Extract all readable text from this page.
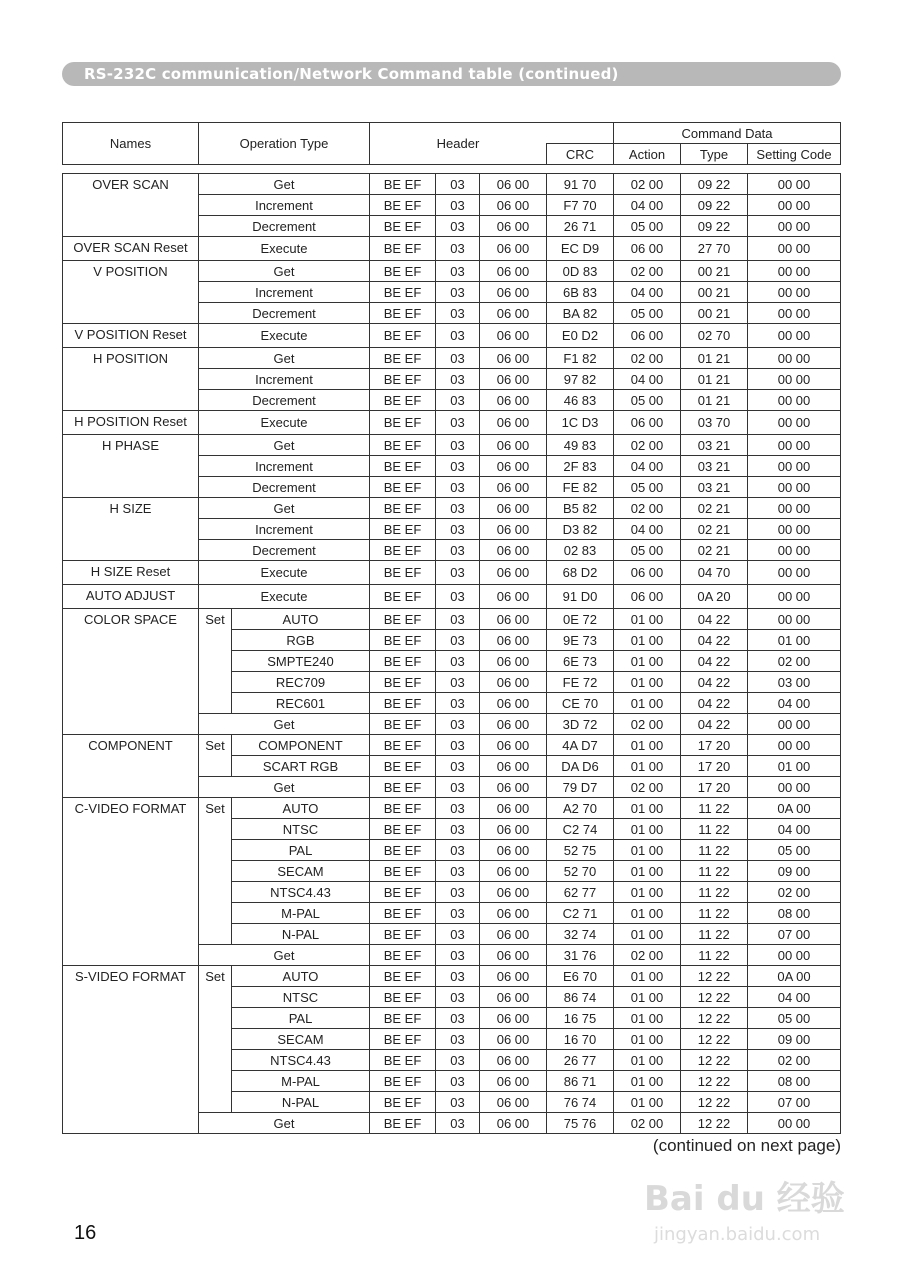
RS-232C communication/Network Command table (continued)
Names	Operation Type	Header		Command Data		
			CRC	Action	Type	Setting Code
OVER SCAN	Get		BE EF	03	06 00	91 70	02 00	09 22	00 00
	Increment		BE EF	03	06 00	F7 70	04 00	09 22	00 00
	Decrement		BE EF	03	06 00	26 71	05 00	09 22	00 00
OVER SCAN Reset	Execute		BE EF	03	06 00	EC D9	06 00	27 70	00 00
V POSITION	Get		BE EF	03	06 00	0D 83	02 00	00 21	00 00
	Increment		BE EF	03	06 00	6B 83	04 00	00 21	00 00
	Decrement		BE EF	03	06 00	BA 82	05 00	00 21	00 00
V POSITION Reset	Execute		BE EF	03	06 00	E0 D2	06 00	02 70	00 00
H POSITION	Get		BE EF	03	06 00	F1 82	02 00	01 21	00 00
	Increment		BE EF	03	06 00	97 82	04 00	01 21	00 00
	Decrement		BE EF	03	06 00	46 83	05 00	01 21	00 00
H POSITION Reset	Execute		BE EF	03	06 00	1C D3	06 00	03 70	00 00
H PHASE	Get		BE EF	03	06 00	49 83	02 00	03 21	00 00
	Increment		BE EF	03	06 00	2F 83	04 00	03 21	00 00
	Decrement		BE EF	03	06 00	FE 82	05 00	03 21	00 00
H SIZE	Get		BE EF	03	06 00	B5 82	02 00	02 21	00 00
	Increment		BE EF	03	06 00	D3 82	04 00	02 21	00 00
	Decrement		BE EF	03	06 00	02 83	05 00	02 21	00 00
H SIZE Reset	Execute		BE EF	03	06 00	68 D2	06 00	04 70	00 00
AUTO ADJUST	Execute		BE EF	03	06 00	91 D0	06 00	0A 20	00 00
COLOR SPACE	Set	AUTO	BE EF	03	06 00	0E 72	01 00	04 22	00 00
		RGB	BE EF	03	06 00	9E 73	01 00	04 22	01 00
		SMPTE240	BE EF	03	06 00	6E 73	01 00	04 22	02 00
		REC709	BE EF	03	06 00	FE 72	01 00	04 22	03 00
		REC601	BE EF	03	06 00	CE 70	01 00	04 22	04 00
	Get		BE EF	03	06 00	3D 72	02 00	04 22	00 00
COMPONENT	Set	COMPONENT	BE EF	03	06 00	4A D7	01 00	17 20	00 00
		SCART RGB	BE EF	03	06 00	DA D6	01 00	17 20	01 00
	Get		BE EF	03	06 00	79 D7	02 00	17 20	00 00
C-VIDEO FORMAT	Set	AUTO	BE EF	03	06 00	A2 70	01 00	11 22	0A 00
		NTSC	BE EF	03	06 00	C2 74	01 00	11 22	04 00
		PAL	BE EF	03	06 00	52 75	01 00	11 22	05 00
		SECAM	BE EF	03	06 00	52 70	01 00	11 22	09 00
		NTSC4.43	BE EF	03	06 00	62 77	01 00	11 22	02 00
		M-PAL	BE EF	03	06 00	C2 71	01 00	11 22	08 00
		N-PAL	BE EF	03	06 00	32 74	01 00	11 22	07 00
	Get		BE EF	03	06 00	31 76	02 00	11 22	00 00
S-VIDEO FORMAT	Set	AUTO	BE EF	03	06 00	E6 70	01 00	12 22	0A 00
		NTSC	BE EF	03	06 00	86 74	01 00	12 22	04 00
		PAL	BE EF	03	06 00	16 75	01 00	12 22	05 00
		SECAM	BE EF	03	06 00	16 70	01 00	12 22	09 00
		NTSC4.43	BE EF	03	06 00	26 77	01 00	12 22	02 00
		M-PAL	BE EF	03	06 00	86 71	01 00	12 22	08 00
		N-PAL	BE EF	03	06 00	76 74	01 00	12 22	07 00
	Get		BE EF	03	06 00	75 76	02 00	12 22	00 00
(continued on next page)
16
Bai du 经验
jingyan.baidu.com
